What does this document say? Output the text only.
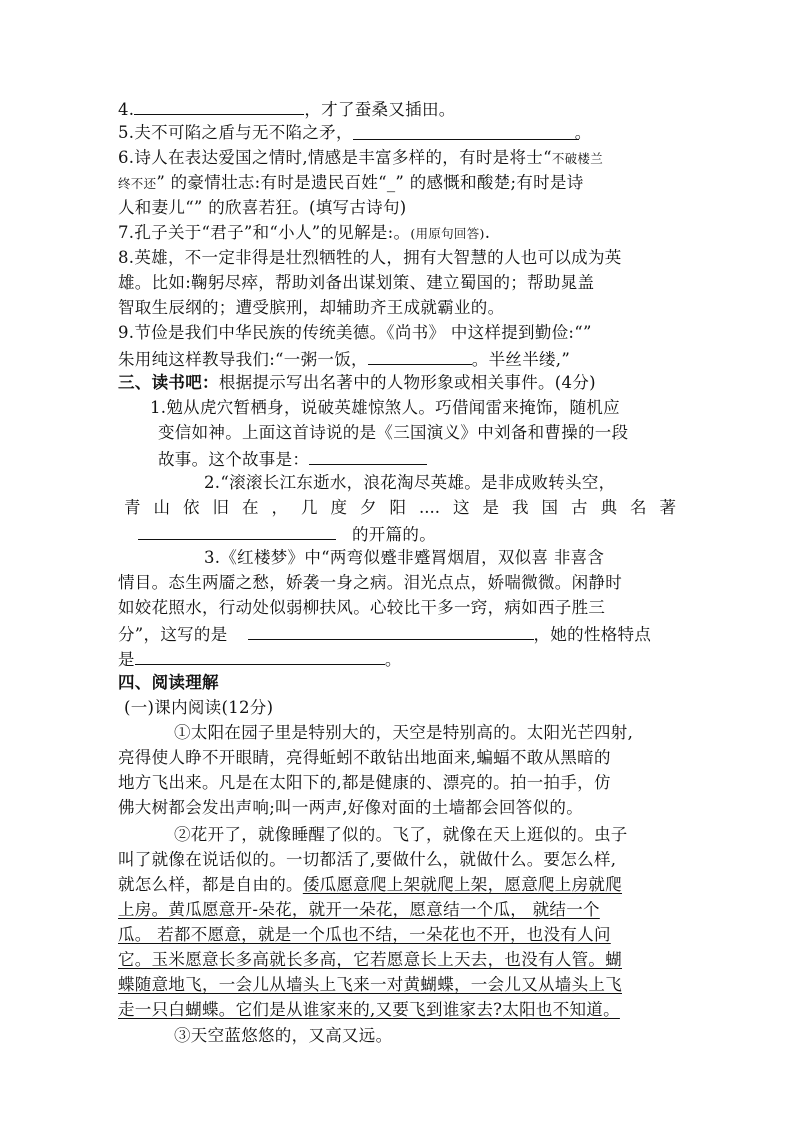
4.	，才了蚕桑又插田。
5.夫不可陷之盾与无不陷之矛，	。
6.诗人在表达爱国之情时,情感是丰富多样的，有时是将士“不破楼兰
终不还” 的豪情壮志:有时是遗民百姓“_” 的感慨和酸楚;有时是诗
人和妻儿“” 的欣喜若狂。(填写古诗句)
7.孔子关于“君子”和“小人”的见解是:。(用原句回答).
8.英雄，不一定非得是壮烈牺牲的人，拥有大智慧的人也可以成为英
雄。比如:鞠躬尽瘁，帮助刘备出谋划策、建立蜀国的；帮助晁盖
智取生辰纲的；遭受膑刑，却辅助齐王成就霸业的。
9.节俭是我们中华民族的传统美德。《尚书》 中这样提到勤俭:“”
朱用纯这样教导我们:“一粥一饭，	。半丝半缕,”
三、读书吧：根据提示写出名著中的人物形象或相关事件。(4分)
1.勉从虎穴暂栖身，说破英雄惊煞人。巧借闻雷来掩饰，随机应
变信如神。上面这首诗说的是《三国演义》中刘备和曹操的一段
故事。这个故事是：
2.“滚滚长江东逝水，浪花淘尽英雄。是非成败转头空，
青山依旧在，几度夕阳....这是我国古典名著
的开篇的。
3.《红楼梦》中“两弯似蹙非蹙罥烟眉，双似喜 非喜含
情目。态生两靥之愁，娇袭一身之病。泪光点点，娇喘微微。闲静时
如姣花照水，行动处似弱柳扶风。心较比干多一窍，病如西子胜三
分”，这写的是	，她的性格特点
是	。
四、阅读理解
(一)课内阅读(12分)
①太阳在园子里是特别大的，天空是特别高的。太阳光芒四射,
亮得使人睁不开眼睛，亮得蚯蚓不敢钻出地面来,蝙蝠不敢从黑暗的
地方飞出来。凡是在太阳下的,都是健康的、漂亮的。拍一拍手，仿
佛大树都会发出声响;叫一两声,好像对面的土墙都会回答似的。
②花开了，就像睡醒了似的。飞了，就像在天上逛似的。虫子
叫了就像在说话似的。一切都活了,要做什么，就做什么。要怎么样,
就怎么样，都是自由的。倭瓜愿意爬上架就爬上架，愿意爬上房就爬
上房。黄瓜愿意开-朵花，就开一朵花，愿意结一个瓜， 就结一个
瓜。 若都不愿意，就是一个瓜也不结，一朵花也不开，也没有人问
它。玉米愿意长多高就长多高，它若愿意长上天去，也没有人管。蝴
蝶随意地飞，一会儿从墙头上飞来一对黄蝴蝶，一会儿又从墙头上飞
走一只白蝴蝶。它们是从谁家来的,又要飞到谁家去?太阳也不知道。
③天空蓝悠悠的，又高又远。
